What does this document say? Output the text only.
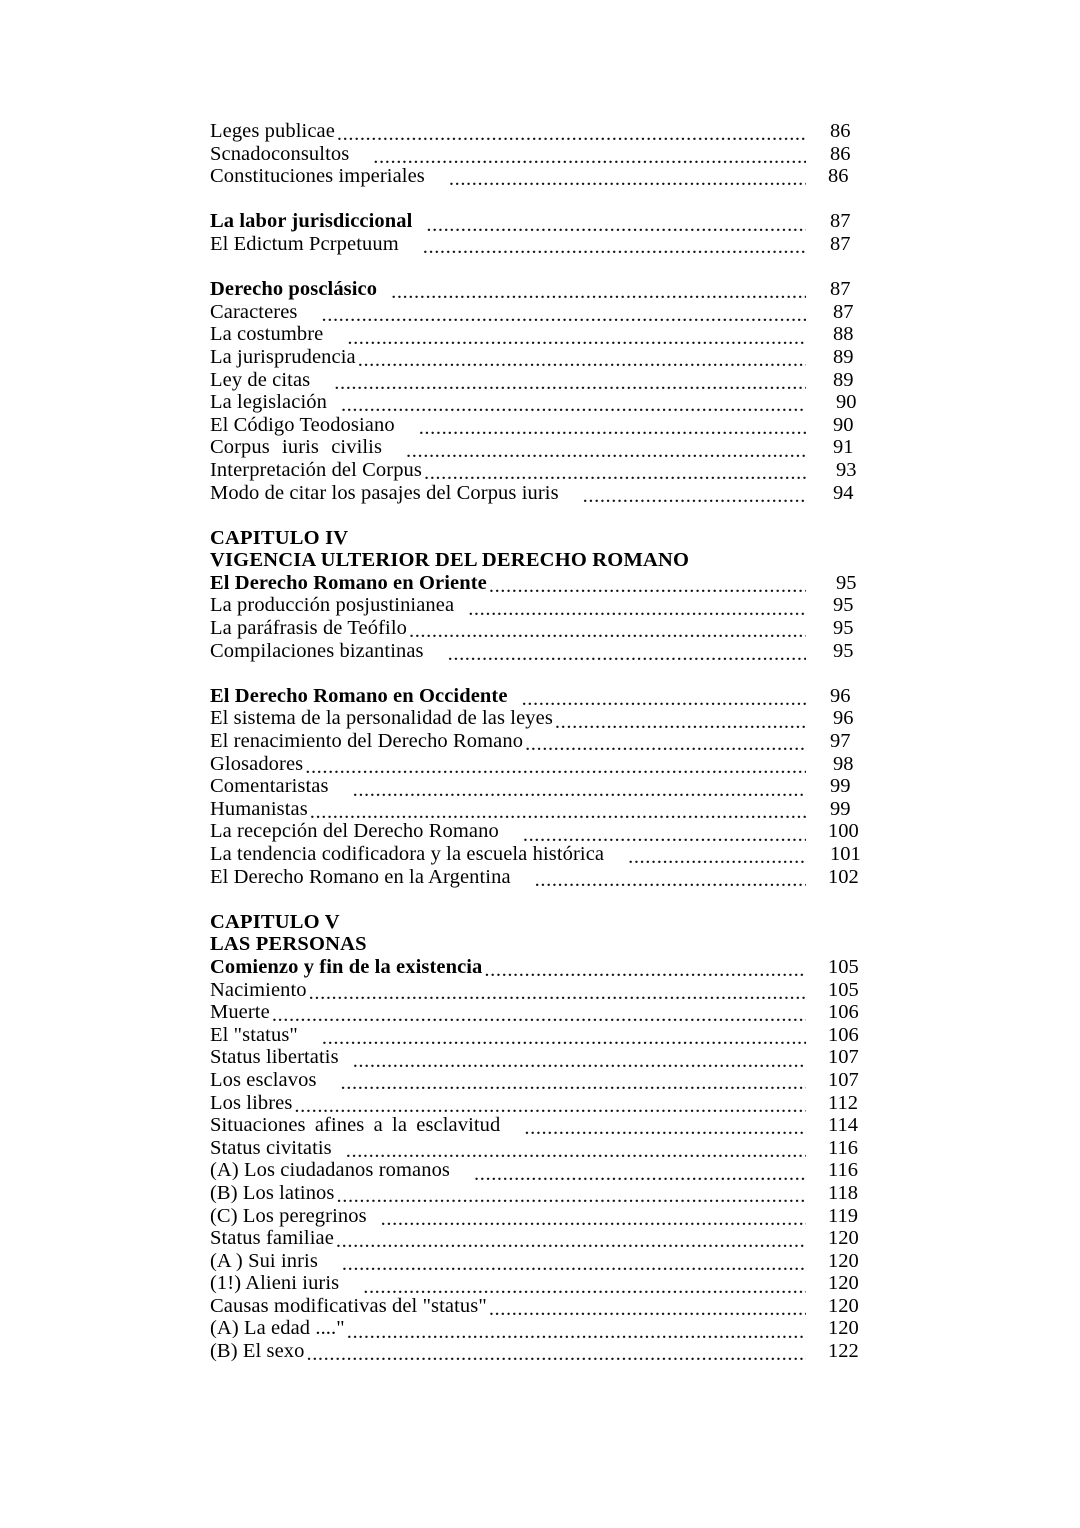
Leges publicae .....	86
Scnadoconsultos .....	86
Constituciones imperiales .....	86
La labor jurisdiccional .....	87
El Edictum Pcrpetuum .....	87
Derecho posclásico .....	87
Caracteres .....	87
La costumbre .....	88
La jurisprudencia .....	89
Ley de citas .....	89
La legislación .....	90
El Código Teodosiano .....	90
Corpus iuris civilis .....	91
Interpretación del Corpus .....	93
Modo de citar los pasajes del Corpus iuris .....	94
CAPITULO IV
VIGENCIA ULTERIOR DEL DERECHO ROMANO
El Derecho Romano en Oriente .....	95
La producción posjustinianea .....	95
La paráfrasis de Teófilo .....	95
Compilaciones bizantinas .....	95
El Derecho Romano en Occidente .....	96
El sistema de la personalidad de las leyes .....	96
El renacimiento del Derecho Romano .....	97
Glosadores .....	98
Comentaristas .....	99
Humanistas .....	99
La recepción del Derecho Romano .....	100
La tendencia codificadora y la escuela histórica .....	101
El Derecho Romano en la Argentina .....	102
CAPITULO V
LAS PERSONAS
Comienzo y fin de la existencia .....	105
Nacimiento .....	105
Muerte .....	106
El "status" .....	106
Status libertatis .....	107
Los esclavos .....	107
Los libres .....	112
Situaciones afines a la esclavitud .....	114
Status civitatis .....	116
(A) Los ciudadanos romanos .....	116
(B) Los latinos .....	118
(C) Los peregrinos .....	119
Status familiae .....	120
(A ) Sui inris .....	120
(1!) Alieni iuris .....	120
Causas modificativas del "status" .....	120
(A) La edad ...." .....	120
(B) El sexo .....	122
